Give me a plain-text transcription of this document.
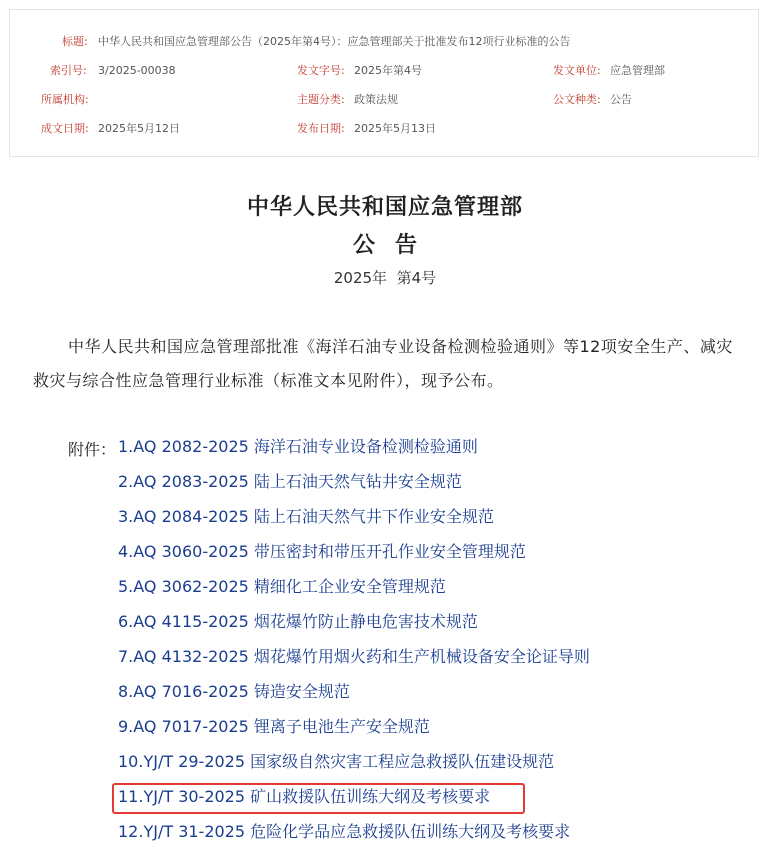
标题: 中华人民共和国应急管理部公告（2025年第4号）：应急管理部关于批准发布12项行业标准的公告
索引号: 3/2025-00038	发文字号: 2025年第4号	发文单位: 应急管理部
所属机构:	主题分类: 政策法规	公文种类: 公告
成文日期: 2025年5月12日	发布日期: 2025年5月13日
中华人民共和国应急管理部
公告
2025年  第4号
中华人民共和国应急管理部批准《海洋石油专业设备检测检验通则》等12项安全生产、减灾救灾与综合性应急管理行业标准（标准文本见附件），现予公布。
附件： 1.AQ 2082-2025 海洋石油专业设备检测检验通则
2.AQ 2083-2025 陆上石油天然气钻井安全规范
3.AQ 2084-2025 陆上石油天然气井下作业安全规范
4.AQ 3060-2025 带压密封和带压开孔作业安全管理规范
5.AQ 3062-2025 精细化工企业安全管理规范
6.AQ 4115-2025 烟花爆竹防止静电危害技术规范
7.AQ 4132-2025 烟花爆竹用烟火药和生产机械设备安全论证导则
8.AQ 7016-2025 铸造安全规范
9.AQ 7017-2025 锂离子电池生产安全规范
10.YJ/T 29-2025 国家级自然灾害工程应急救援队伍建设规范
11.YJ/T 30-2025 矿山救援队伍训练大纲及考核要求
12.YJ/T 31-2025 危险化学品应急救援队伍训练大纲及考核要求
